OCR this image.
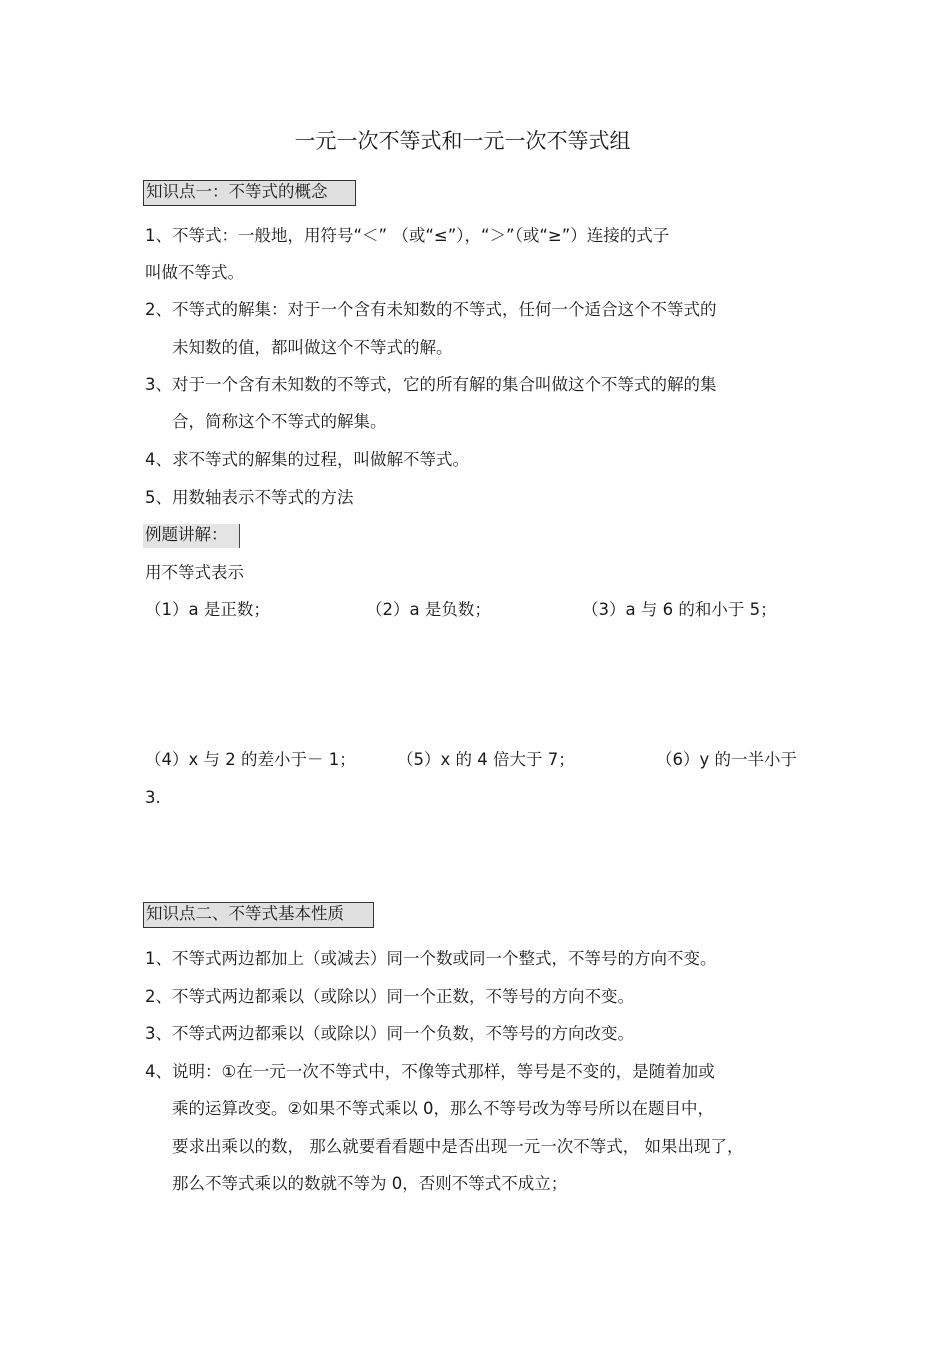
一元一次不等式和一元一次不等式组
知识点一：不等式的概念
1、不等式：一般地，用符号“＜” （或“≤”），“＞”（或“≥”）连接的式子
叫做不等式。
2、不等式的解集：对于一个含有未知数的不等式，任何一个适合这个不等式的
未知数的值，都叫做这个不等式的解。
3、对于一个含有未知数的不等式，它的所有解的集合叫做这个不等式的解的集
合，简称这个不等式的解集。
4、求不等式的解集的过程，叫做解不等式。
5、用数轴表示不等式的方法
例题讲解：
用不等式表示
（1）a 是正数；	（2）a 是负数；	（3）a 与 6 的和小于 5；
（4）x 与 2 的差小于－ 1；	（5）x 的 4 倍大于 7；	（6）y 的一半小于
3.
知识点二、不等式基本性质
1、不等式两边都加上（或减去）同一个数或同一个整式，不等号的方向不变。
2、不等式两边都乘以（或除以）同一个正数，不等号的方向不变。
3、不等式两边都乘以（或除以）同一个负数，不等号的方向改变。
4、说明：①在一元一次不等式中，不像等式那样，等号是不变的，是随着加或
乘的运算改变。②如果不等式乘以 0，那么不等号改为等号所以在题目中，
要求出乘以的数， 那么就要看看题中是否出现一元一次不等式， 如果出现了，
那么不等式乘以的数就不等为 0，否则不等式不成立；
